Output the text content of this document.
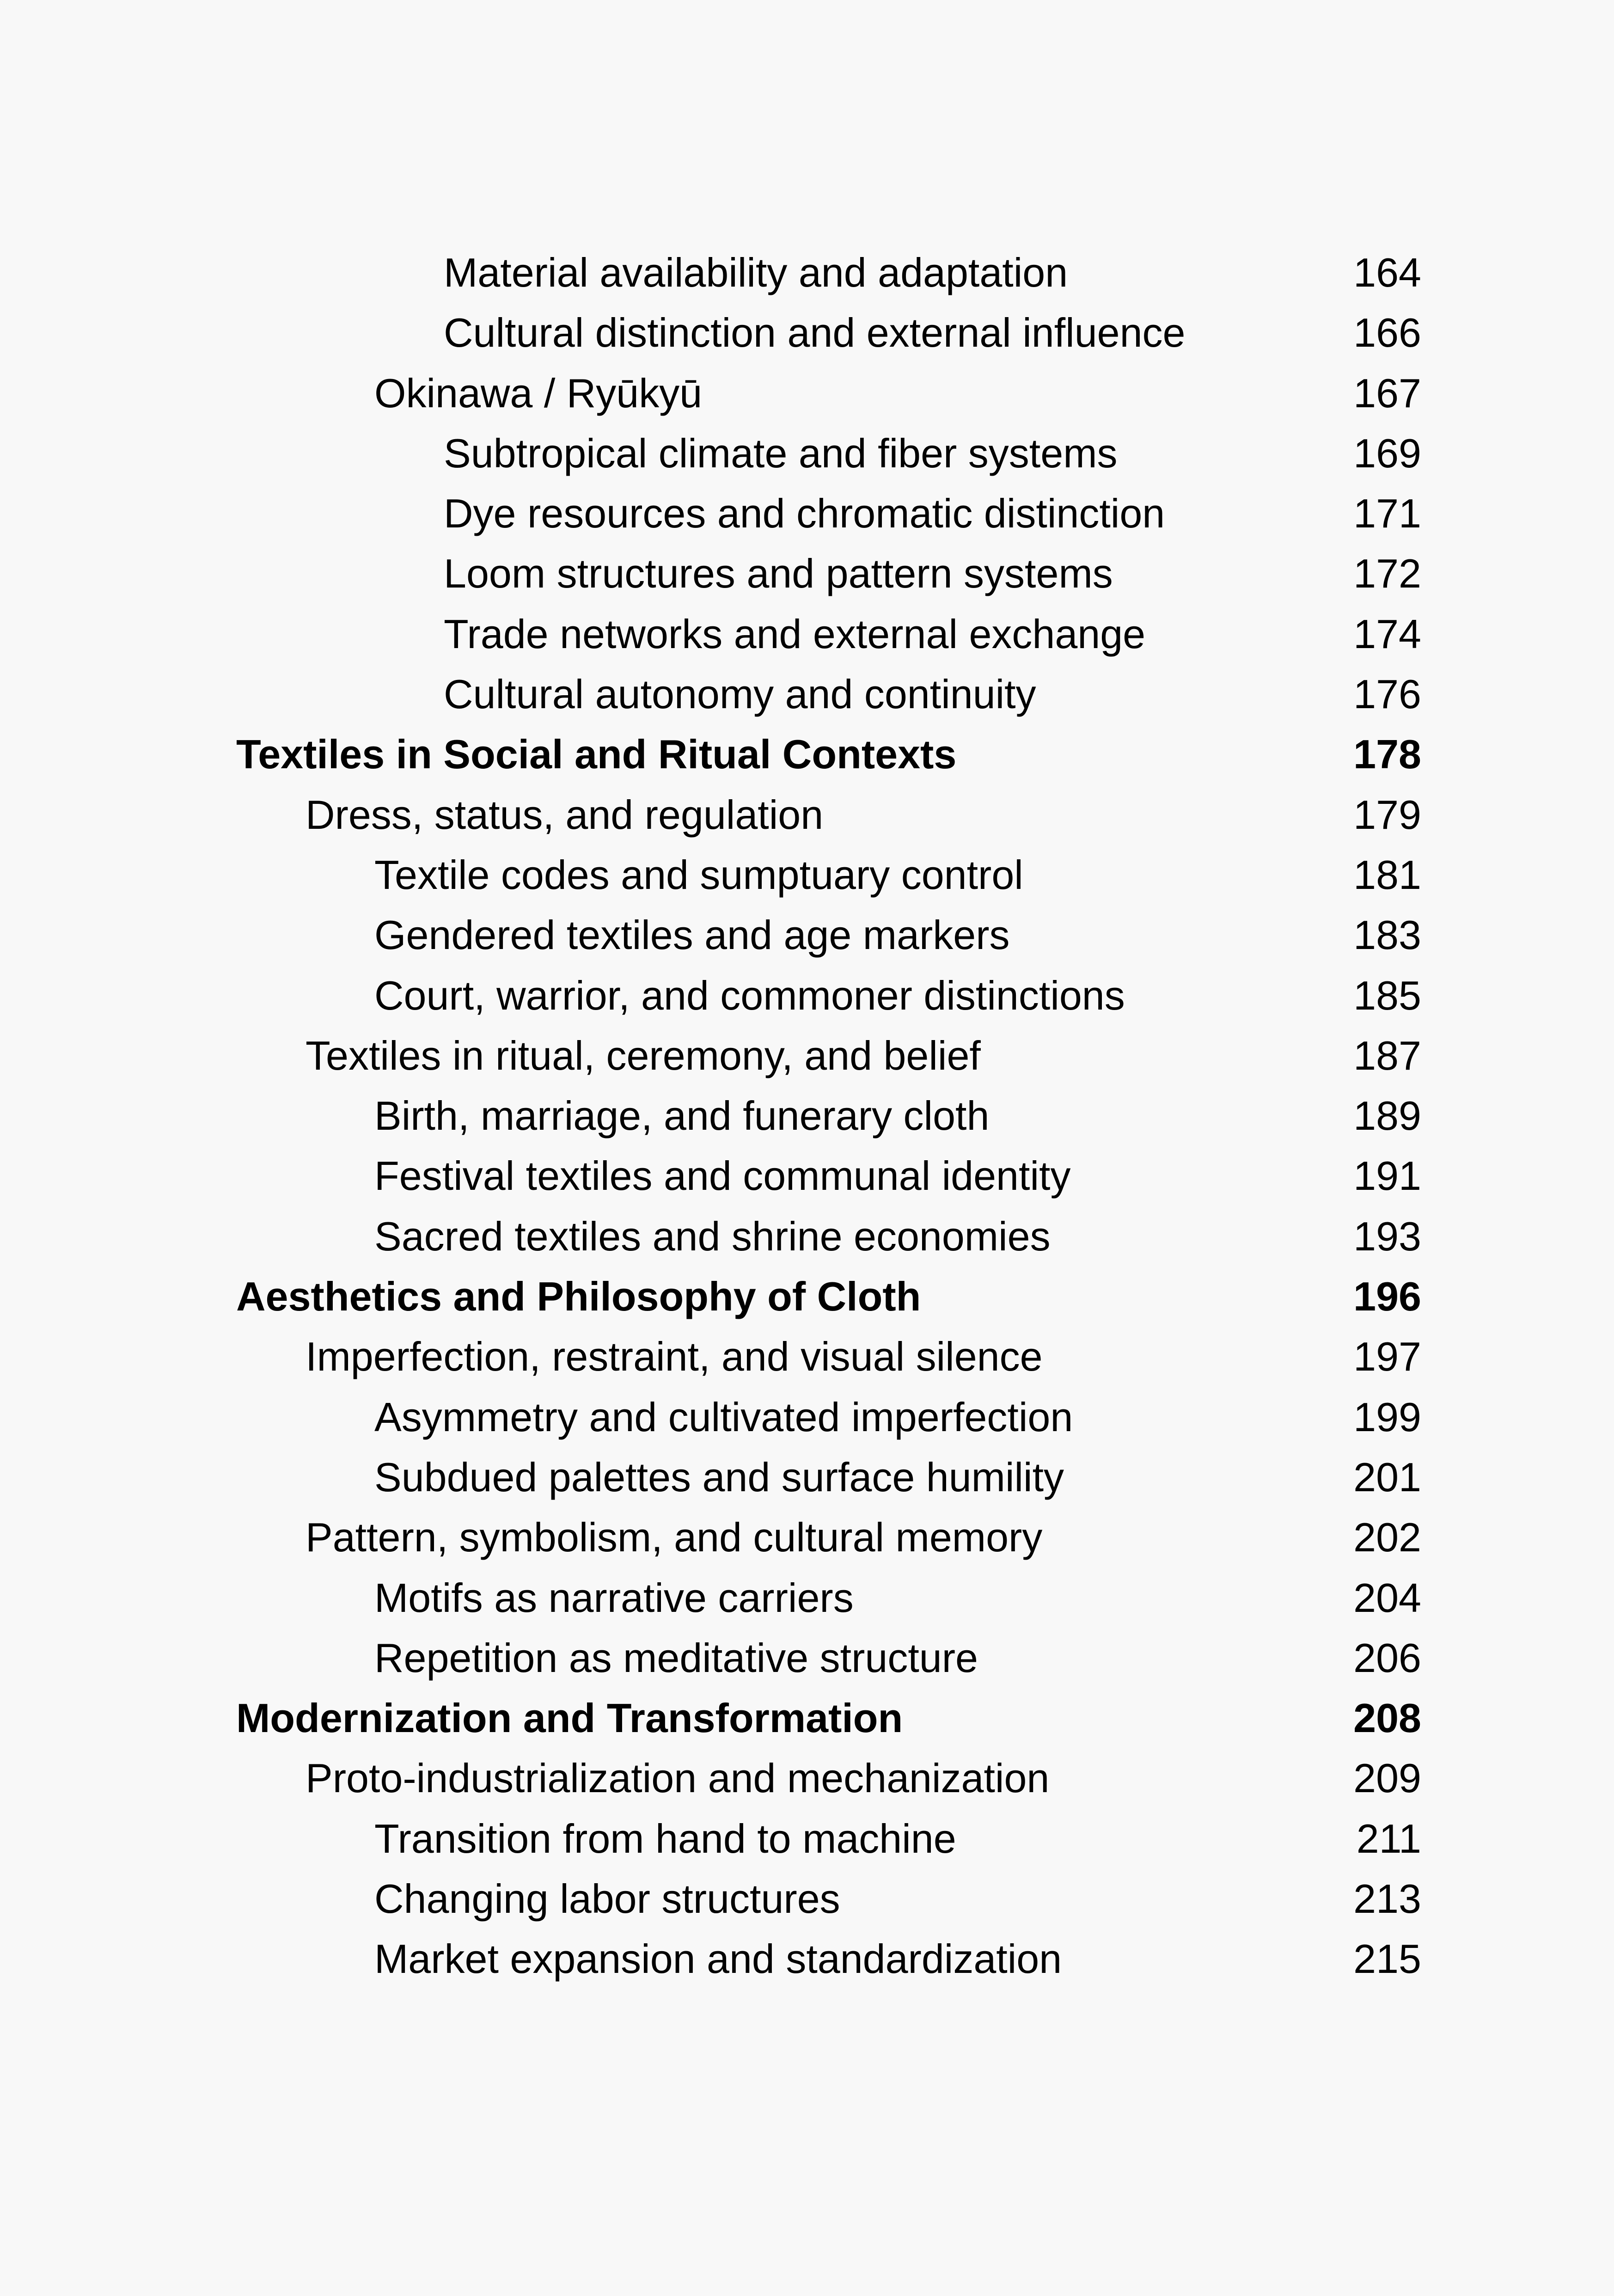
Material availability and adaptation	164
Cultural distinction and external influence	166
Okinawa / Ryūkyū	167
Subtropical climate and fiber systems	169
Dye resources and chromatic distinction	171
Loom structures and pattern systems	172
Trade networks and external exchange	174
Cultural autonomy and continuity	176
Textiles in Social and Ritual Contexts	178
Dress, status, and regulation	179
Textile codes and sumptuary control	181
Gendered textiles and age markers	183
Court, warrior, and commoner distinctions	185
Textiles in ritual, ceremony, and belief	187
Birth, marriage, and funerary cloth	189
Festival textiles and communal identity	191
Sacred textiles and shrine economies	193
Aesthetics and Philosophy of Cloth	196
Imperfection, restraint, and visual silence	197
Asymmetry and cultivated imperfection	199
Subdued palettes and surface humility	201
Pattern, symbolism, and cultural memory	202
Motifs as narrative carriers	204
Repetition as meditative structure	206
Modernization and Transformation	208
Proto-industrialization and mechanization	209
Transition from hand to machine	211
Changing labor structures	213
Market expansion and standardization	215
